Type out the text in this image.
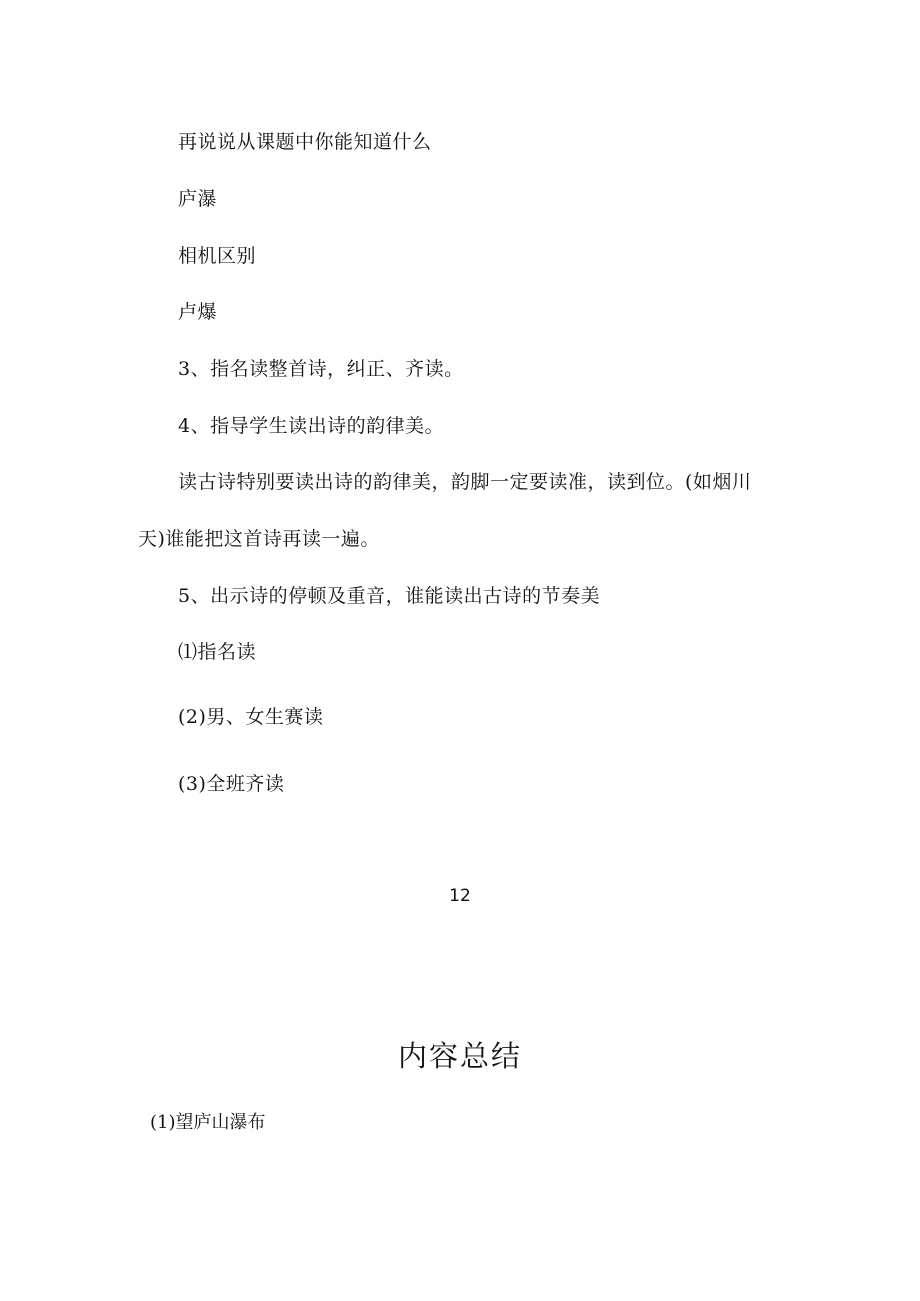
再说说从课题中你能知道什么
庐瀑
相机区别
卢爆
3、指名读整首诗，纠正、齐读。
4、指导学生读出诗的韵律美。
读古诗特别要读出诗的韵律美，韵脚一定要读准，读到位。(如烟川
天)谁能把这首诗再读一遍。
5、出示诗的停顿及重音，谁能读出古诗的节奏美
⑴指名读
(2)男、女生赛读
(3)全班齐读
12
内容总结
(1)望庐山瀑布
